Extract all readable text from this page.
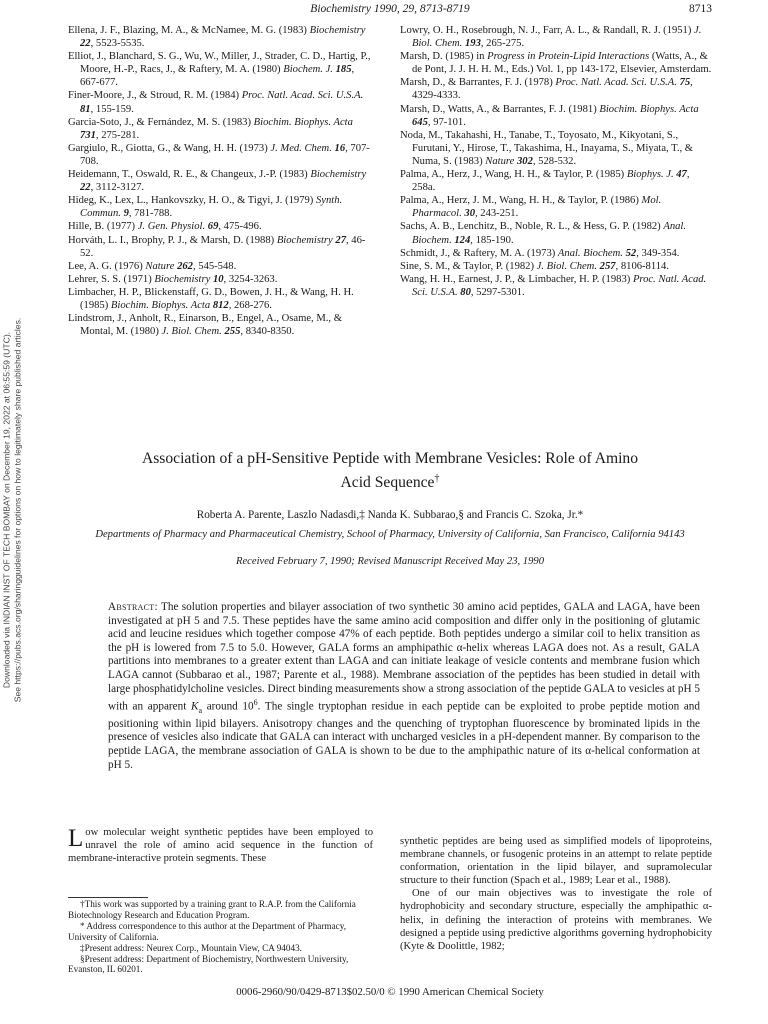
Biochemistry 1990, 29, 8713-8719	8713
Downloaded via INDIAN INST OF TECH BOMBAY on December 19, 2022 at 06:55:59 (UTC). See https://pubs.acs.org/sharingguidelines for options on how to legitimately share published articles.

Ellena, J. F., Blazing, M. A., & McNamee, M. G. (1983) Biochemistry 22, 5523-5535.

Elliot, J., Blanchard, S. G., Wu, W., Miller, J., Strader, C. D., Hartig, P., Moore, H.-P., Racs, J., & Raftery, M. A. (1980) Biochem. J. 185, 667-677.

Finer-Moore, J., & Stroud, R. M. (1984) Proc. Natl. Acad. Sci. U.S.A. 81, 155-159.

Garcia-Soto, J., & Fernández, M. S. (1983) Biochim. Biophys. Acta 731, 275-281.

Gargiulo, R., Giotta, G., & Wang, H. H. (1973) J. Med. Chem. 16, 707-708.

Heidemann, T., Oswald, R. E., & Changeux, J.-P. (1983) Biochemistry 22, 3112-3127.

Hideg, K., Lex, L., Hankovszky, H. O., & Tigyi, J. (1979) Synth. Commun. 9, 781-788.

Hille, B. (1977) J. Gen. Physiol. 69, 475-496.

Horváth, L. I., Brophy, P. J., & Marsh, D. (1988) Biochemistry 27, 46-52.

Lee, A. G. (1976) Nature 262, 545-548.

Lehrer, S. S. (1971) Biochemistry 10, 3254-3263.

Limbacher, H. P., Blickenstaff, G. D., Bowen, J. H., & Wang, H. H. (1985) Biochim. Biophys. Acta 812, 268-276.

Lindstrom, J., Anholt, R., Einarson, B., Engel, A., Osame, M., & Montal, M. (1980) J. Biol. Chem. 255, 8340-8350.

Lowry, O. H., Rosebrough, N. J., Farr, A. L., & Randall, R. J. (1951) J. Biol. Chem. 193, 265-275.

Marsh, D. (1985) in Progress in Protein-Lipid Interactions (Watts, A., & de Pont, J. J. H. H. M., Eds.) Vol. 1, pp 143-172, Elsevier, Amsterdam.

Marsh, D., & Barrantes, F. J. (1978) Proc. Natl. Acad. Sci. U.S.A. 75, 4329-4333.

Marsh, D., Watts, A., & Barrantes, F. J. (1981) Biochim. Biophys. Acta 645, 97-101.

Noda, M., Takahashi, H., Tanabe, T., Toyosato, M., Kikyotani, S., Furutani, Y., Hirose, T., Takashima, H., Inayama, S., Miyata, T., & Numa, S. (1983) Nature 302, 528-532.

Palma, A., Herz, J., Wang, H. H., & Taylor, P. (1985) Biophys. J. 47, 258a.

Palma, A., Herz, J. M., Wang, H. H., & Taylor, P. (1986) Mol. Pharmacol. 30, 243-251.

Sachs, A. B., Lenchitz, B., Noble, R. L., & Hess, G. P. (1982) Anal. Biochem. 124, 185-190.

Schmidt, J., & Raftery, M. A. (1973) Anal. Biochem. 52, 349-354.

Sine, S. M., & Taylor, P. (1982) J. Biol. Chem. 257, 8106-8114.

Wang, H. H., Earnest, J. P., & Limbacher, H. P. (1983) Proc. Natl. Acad. Sci. U.S.A. 80, 5297-5301.

Association of a pH-Sensitive Peptide with Membrane Vesicles: Role of Amino
Acid Sequence†
Roberta A. Parente, Laszlo Nadasdi,‡ Nanda K. Subbarao,§ and Francis C. Szoka, Jr.*
Departments of Pharmacy and Pharmaceutical Chemistry, School of Pharmacy, University of California, San Francisco, California 94143
Received February 7, 1990; Revised Manuscript Received May 23, 1990
Abstract: The solution properties and bilayer association of two synthetic 30 amino acid peptides, GALA and LAGA, have been investigated at pH 5 and 7.5. These peptides have the same amino acid composition and differ only in the positioning of glutamic acid and leucine residues which together compose 47% of each peptide. Both peptides undergo a similar coil to helix transition as the pH is lowered from 7.5 to 5.0. However, GALA forms an amphipathic α-helix whereas LAGA does not. As a result, GALA partitions into membranes to a greater extent than LAGA and can initiate leakage of vesicle contents and membrane fusion which LAGA cannot (Subbarao et al., 1987; Parente et al., 1988). Membrane association of the peptides has been studied in detail with large phosphatidylcholine vesicles. Direct binding measurements show a strong association of the peptide GALA to vesicles at pH 5 with an apparent $K_a$ around $10^6$. The single tryptophan residue in each peptide can be exploited to probe peptide motion and positioning within lipid bilayers. Anisotropy changes and the quenching of tryptophan fluorescence by brominated lipids in the presence of vesicles also indicate that GALA can interact with uncharged vesicles in a pH-dependent manner. By comparison to the peptide LAGA, the membrane association of GALA is shown to be due to the amphipathic nature of its α-helical conformation at pH 5.
Low molecular weight synthetic peptides have been employed to unravel the role of amino acid sequence in the function of membrane-interactive protein segments. These

†This work was supported by a training grant to R.A.P. from the California Biotechnology Research and Education Program.

* Address correspondence to this author at the Department of Pharmacy, University of California.

‡Present address: Neurex Corp., Mountain View, CA 94043.

§Present address: Department of Biochemistry, Northwestern University, Evanston, IL 60201.

synthetic peptides are being used as simplified models of lipoproteins, membrane channels, or fusogenic proteins in an attempt to relate peptide conformation, orientation in the lipid bilayer, and supramolecular structure to their function (Spach et al., 1989; Lear et al., 1988).

One of our main objectives was to investigate the role of hydrophobicity and secondary structure, especially the amphipathic α-helix, in defining the interaction of proteins with membranes. We designed a peptide using predictive algorithms governing hydrophobicity (Kyte & Doolittle, 1982;

0006-2960/90/0429-8713$02.50/0 © 1990 American Chemical Society
